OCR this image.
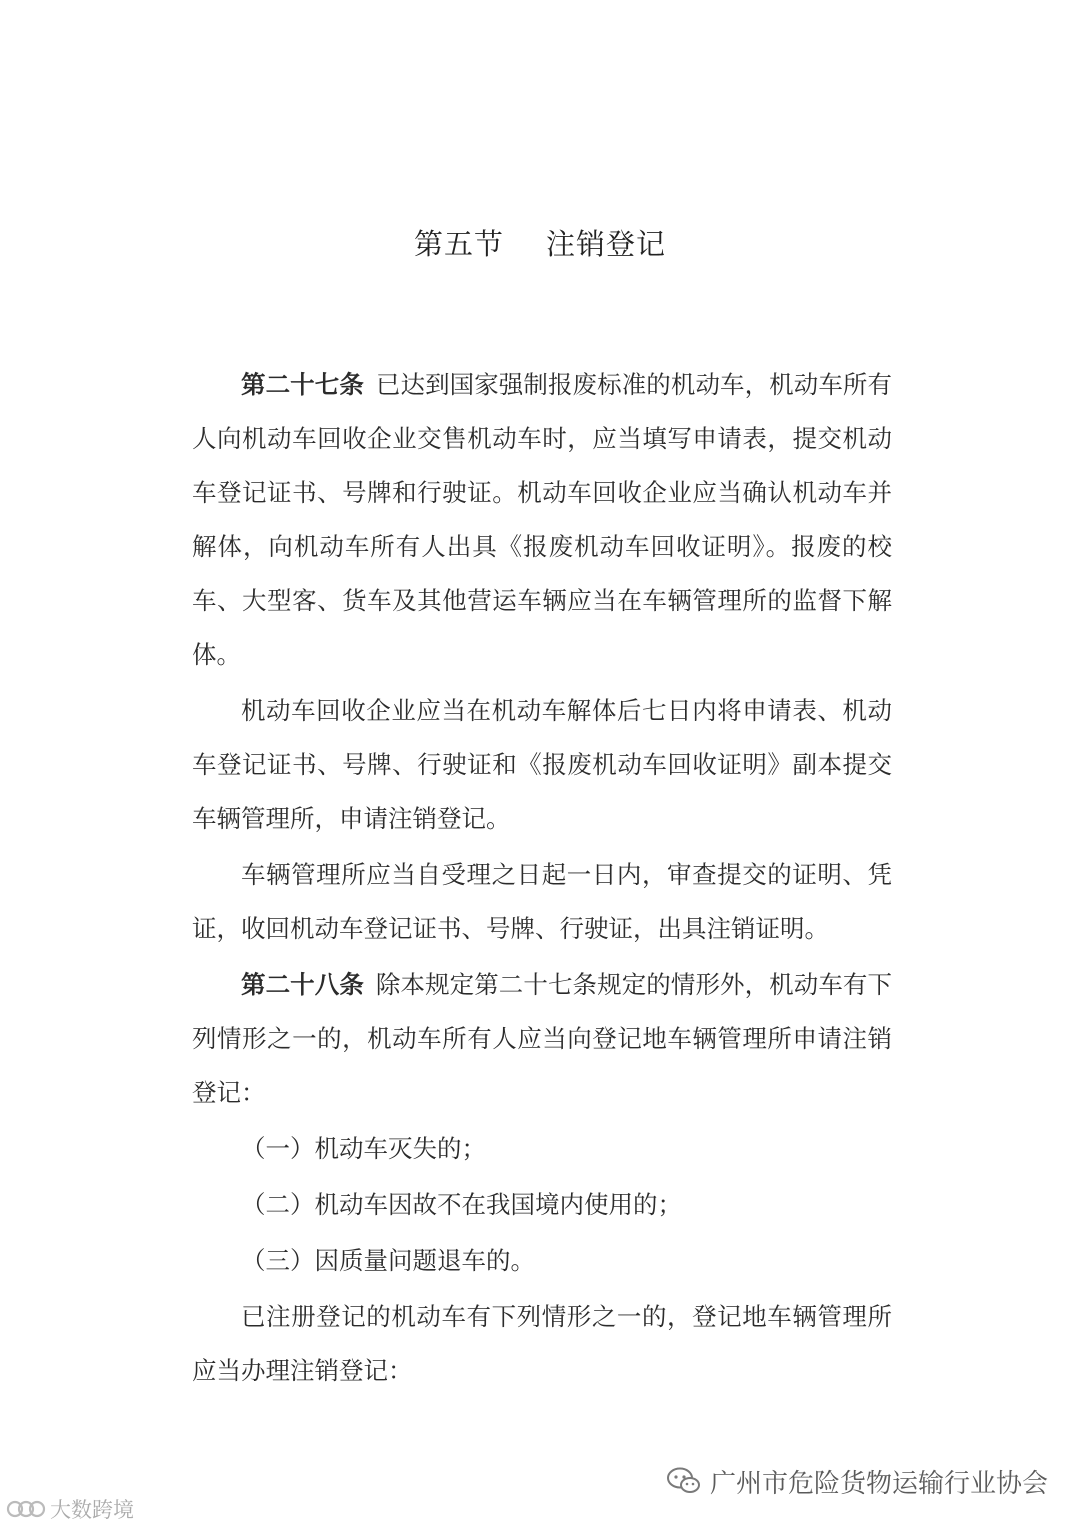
第五节 注销登记

第二十七条 已达到国家强制报废标准的机动车，机动车所有人向机动车回收企业交售机动车时，应当填写申请表，提交机动车登记证书、号牌和行驶证。机动车回收企业应当确认机动车并解体，向机动车所有人出具《报废机动车回收证明》。报废的校车、大型客、货车及其他营运车辆应当在车辆管理所的监督下解体。

机动车回收企业应当在机动车解体后七日内将申请表、机动车登记证书、号牌、行驶证和《报废机动车回收证明》副本提交车辆管理所，申请注销登记。

车辆管理所应当自受理之日起一日内，审查提交的证明、凭证，收回机动车登记证书、号牌、行驶证，出具注销证明。

第二十八条 除本规定第二十七条规定的情形外，机动车有下列情形之一的，机动车所有人应当向登记地车辆管理所申请注销登记：

（一）机动车灭失的；

（二）机动车因故不在我国境内使用的；

（三）因质量问题退车的。

已注册登记的机动车有下列情形之一的，登记地车辆管理所应当办理注销登记：

广州市危险货物运输行业协会
大数跨境
